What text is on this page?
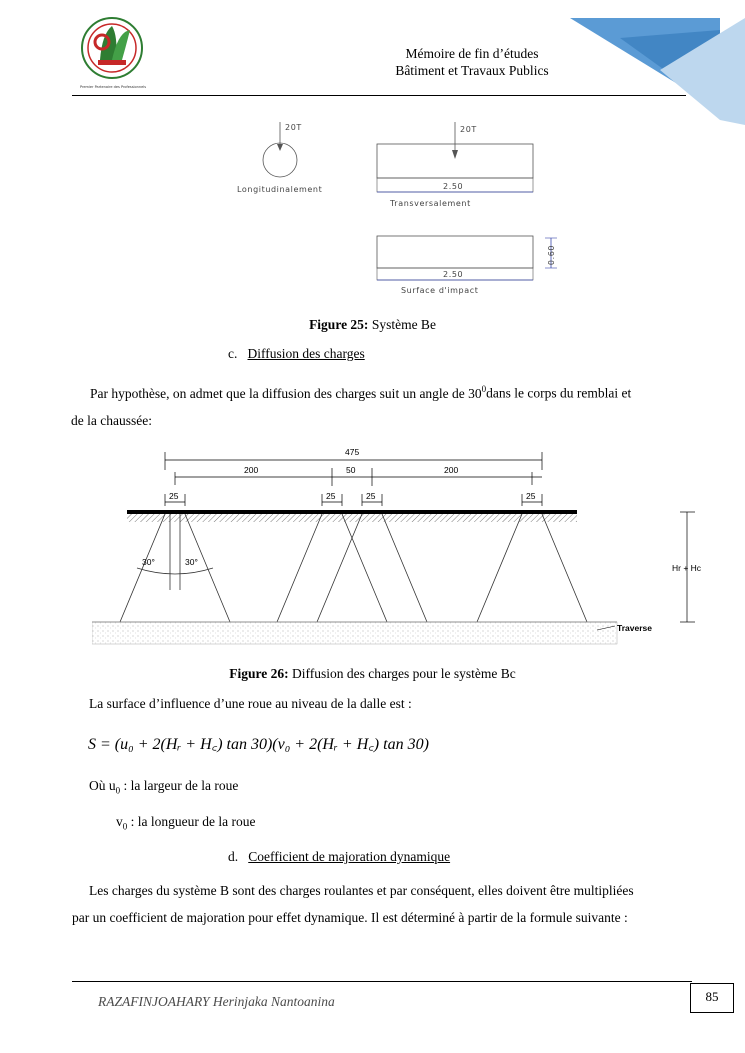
Premier Partenaire des Professionnels
Mémoire de fin d’études
Bâtiment et Travaux Publics
20T
Longitudinalement
20T
2.50
Transversalement
0.60
2.50
Surface d'impact
Figure 25: Système Be
c. Diffusion des charges
Par hypothèse, on admet que la diffusion des charges suit un angle de $30^0dans$ le corps du remblai et
de la chaussée:
475
200	50	200
25	25	25	25
30°	30°
Traverse
Hr + Hc
Figure 26: Diffusion des charges pour le système Bc
La surface d’influence d’une roue au niveau de la dalle est :
S = (u₀ + 2(Hᵣ + H꜀) tan 30)(v₀ + 2(Hᵣ + H꜀) tan 30)
Où $u_0$ : la largeur de la roue
$v_0$ : la longueur de la roue
d. Coefficient de majoration dynamique
Les charges du système B sont des charges roulantes et par conséquent, elles doivent être multipliées
par un coefficient de majoration pour effet dynamique. Il est déterminé à partir de la formule suivante :
RAZAFINJOAHARY Herinjaka Nantoanina	85
